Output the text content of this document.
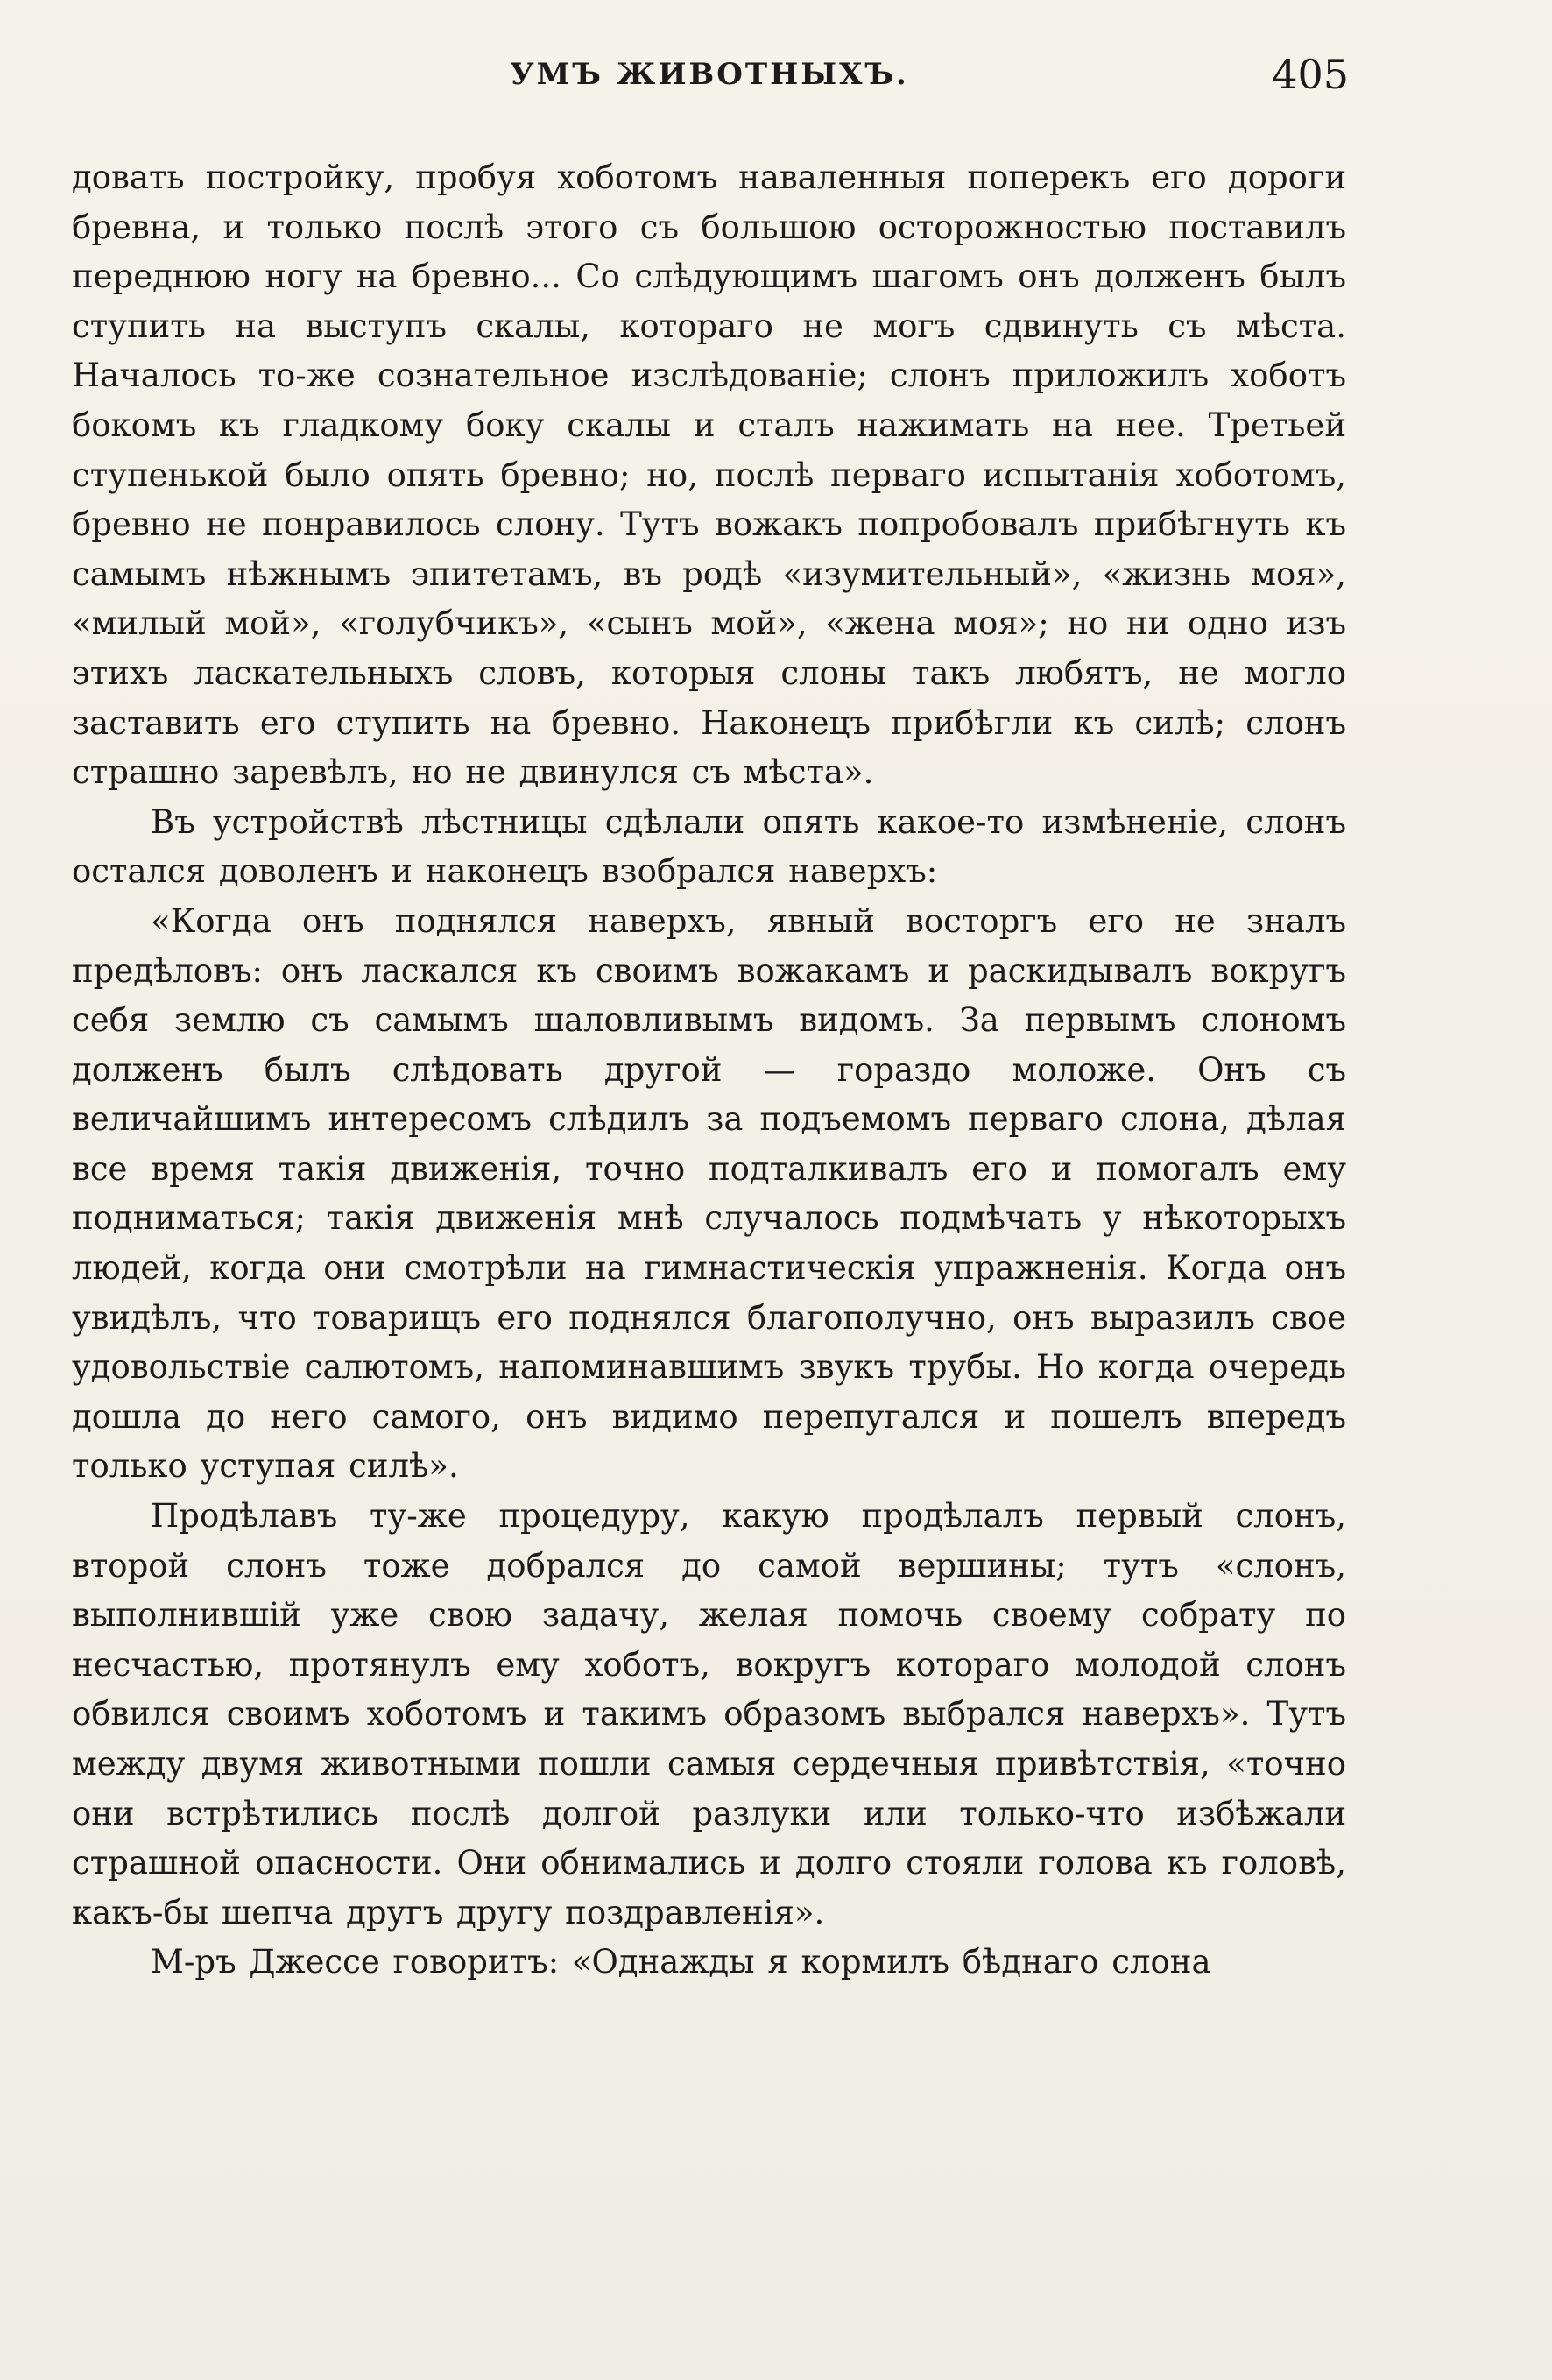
УМЪ ЖИВОТНЫХЪ.	405

довать постройку, пробуя хоботомъ наваленныя поперекъ его дороги бревна, и только послѣ этого съ большою осторожностью поставилъ переднюю ногу на бревно... Со слѣдующимъ шагомъ онъ долженъ былъ ступить на выступъ скалы, котораго не могъ сдвинуть съ мѣста. Началось то-же сознательное изслѣдованіе; слонъ приложилъ хоботъ бокомъ къ гладкому боку скалы и сталъ нажимать на нее. Третьей ступенькой было опять бревно; но, послѣ перваго испытанія хоботомъ, бревно не понравилось слону. Тутъ вожакъ попробовалъ прибѣгнуть къ самымъ нѣжнымъ эпитетамъ, въ родѣ «изумительный», «жизнь моя», «милый мой», «голубчикъ», «сынъ мой», «жена моя»; но ни одно изъ этихъ ласкательныхъ словъ, которыя слоны такъ любятъ, не могло заставить его ступить на бревно. Наконецъ прибѣгли къ силѣ; слонъ страшно заревѣлъ, но не двинулся съ мѣста».

Въ устройствѣ лѣстницы сдѣлали опять какое-то измѣненіе, слонъ остался доволенъ и наконецъ взобрался наверхъ:

«Когда онъ поднялся наверхъ, явный восторгъ его не зналъ предѣловъ: онъ ласкался къ своимъ вожакамъ и раскидывалъ вокругъ себя землю съ самымъ шаловливымъ видомъ. За первымъ слономъ долженъ былъ слѣдовать другой — гораздо моложе. Онъ съ величайшимъ интересомъ слѣдилъ за подъемомъ перваго слона, дѣлая все время такія движенія, точно подталкивалъ его и помогалъ ему подниматься; такія движенія мнѣ случалось подмѣчать у нѣкоторыхъ людей, когда они смотрѣли на гимнастическія упражненія. Когда онъ увидѣлъ, что товарищъ его поднялся благополучно, онъ выразилъ свое удовольствіе салютомъ, напоминавшимъ звукъ трубы. Но когда очередь дошла до него самого, онъ видимо перепугался и пошелъ впередъ только уступая силѣ».

Продѣлавъ ту-же процедуру, какую продѣлалъ первый слонъ, второй слонъ тоже добрался до самой вершины; тутъ «слонъ, выполнившій уже свою задачу, желая помочь своему собрату по несчастью, протянулъ ему хоботъ, вокругъ котораго молодой слонъ обвился своимъ хоботомъ и такимъ образомъ выбрался наверхъ». Тутъ между двумя животными пошли самыя сердечныя привѣтствія, «точно они встрѣтились послѣ долгой разлуки или только-что избѣжали страшной опасности. Они обнимались и долго стояли голова къ головѣ, какъ-бы шепча другъ другу поздравленія».

М-ръ Джессе говоритъ: «Однажды я кормилъ бѣднаго слона
